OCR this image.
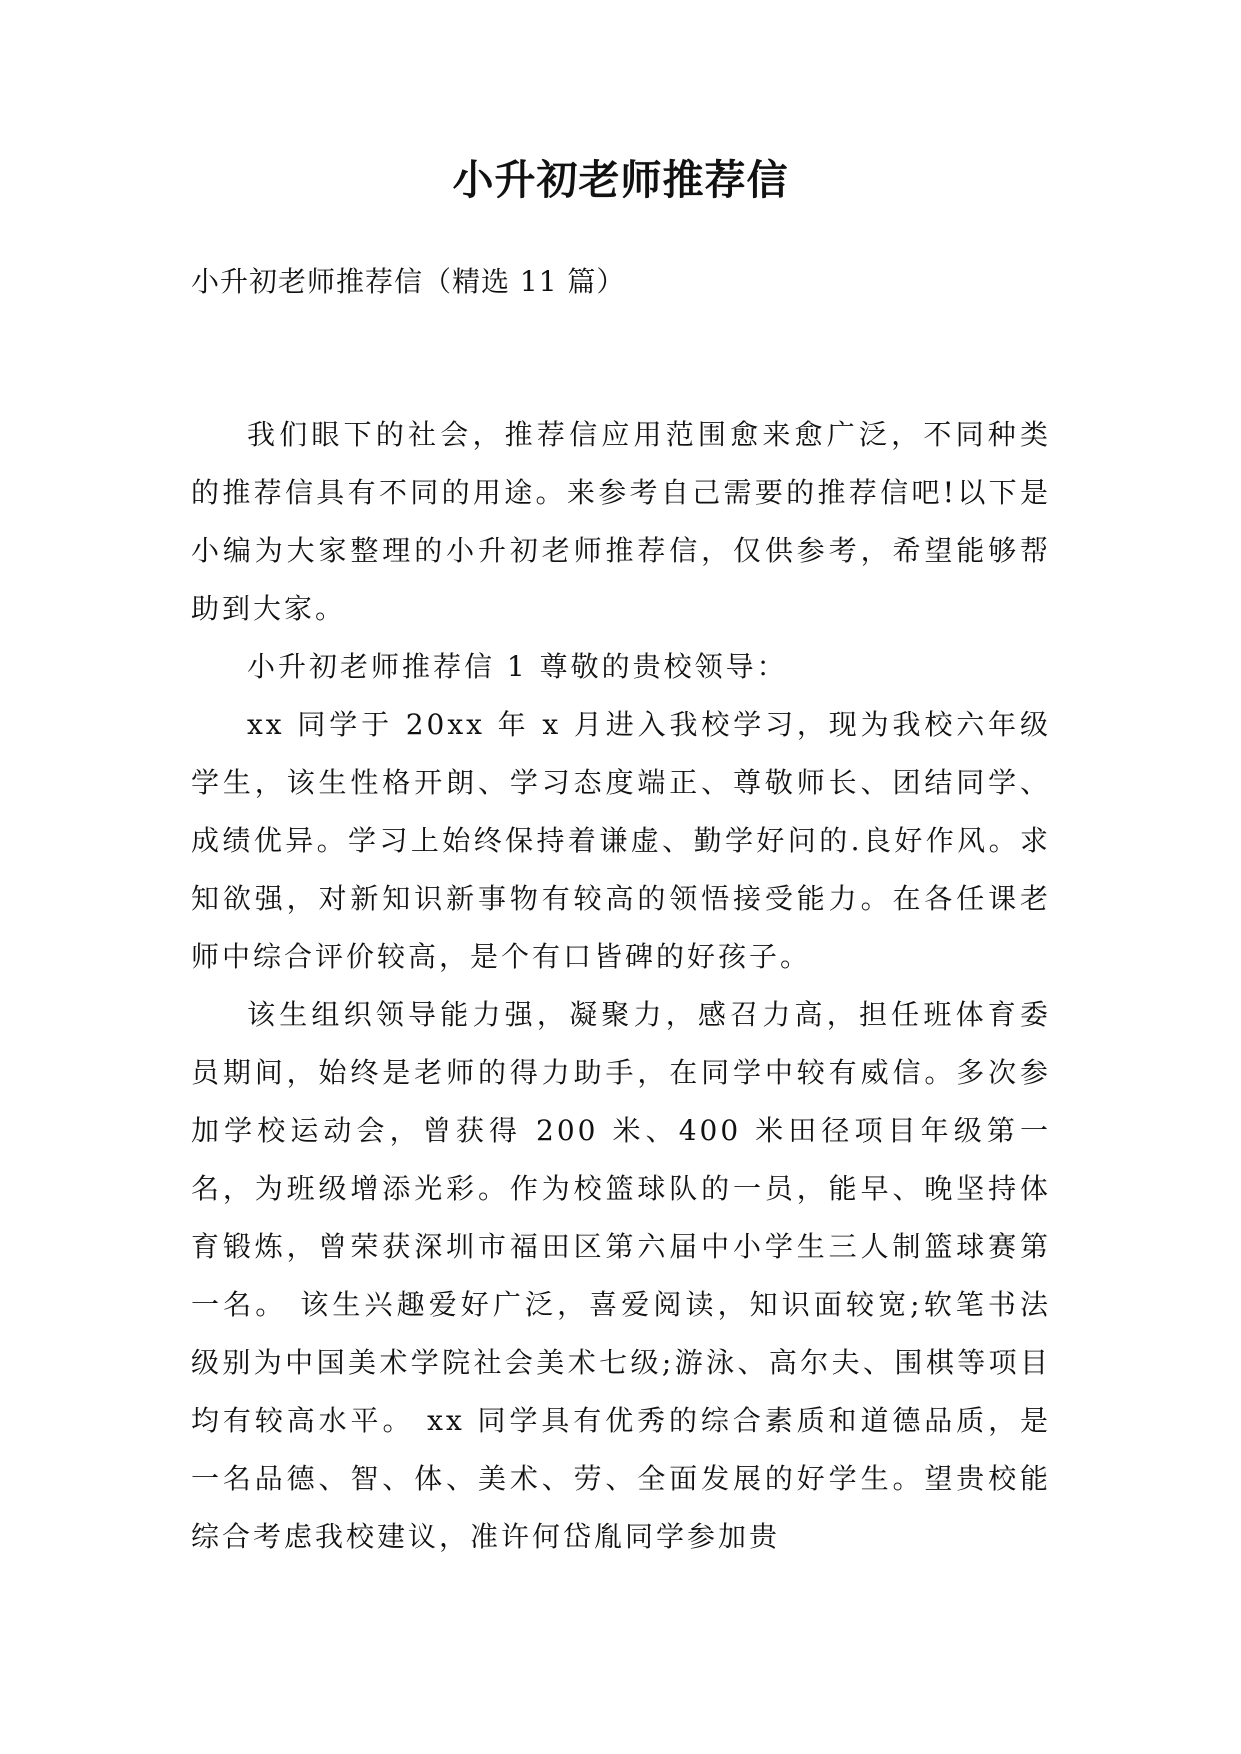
小升初老师推荐信

小升初老师推荐信（精选 11 篇）

我们眼下的社会，推荐信应用范围愈来愈广泛，不同种类的推荐信具有不同的用途。来参考自己需要的推荐信吧!以下是小编为大家整理的小升初老师推荐信，仅供参考，希望能够帮助到大家。

小升初老师推荐信 1 尊敬的贵校领导：

xx 同学于 20xx 年 x 月进入我校学习，现为我校六年级学生，该生性格开朗、学习态度端正、尊敬师长、团结同学、成绩优异。学习上始终保持着谦虚、勤学好问的.良好作风。求知欲强，对新知识新事物有较高的领悟接受能力。在各任课老师中综合评价较高，是个有口皆碑的好孩子。

该生组织领导能力强，凝聚力，感召力高，担任班体育委员期间，始终是老师的得力助手，在同学中较有威信。多次参加学校运动会，曾获得 200 米、400 米田径项目年级第一名，为班级增添光彩。作为校篮球队的一员，能早、晚坚持体育锻炼，曾荣获深圳市福田区第六届中小学生三人制篮球赛第一名。 该生兴趣爱好广泛，喜爱阅读，知识面较宽;软笔书法级别为中国美术学院社会美术七级;游泳、高尔夫、围棋等项目均有较高水平。 xx 同学具有优秀的综合素质和道德品质，是一名品德、智、体、美术、劳、全面发展的好学生。望贵校能综合考虑我校建议，准许何岱胤同学参加贵
